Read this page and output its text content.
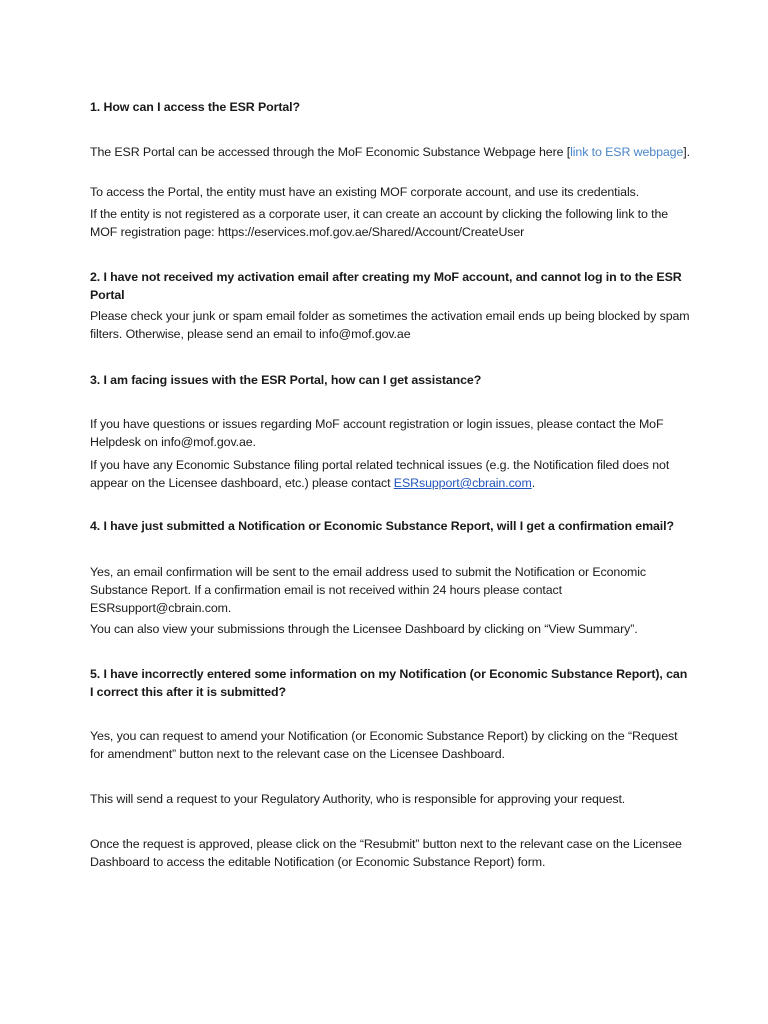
1. How can I access the ESR Portal?
The ESR Portal can be accessed through the MoF Economic Substance Webpage here [link to ESR webpage].
To access the Portal, the entity must have an existing MOF corporate account, and use its credentials.
If the entity is not registered as a corporate user, it can create an account by clicking the following link to the MOF registration page: https://eservices.mof.gov.ae/Shared/Account/CreateUser
2. I have not received my activation email after creating my MoF account, and cannot log in to the ESR Portal
Please check your junk or spam email folder as sometimes the activation email ends up being blocked by spam filters. Otherwise, please send an email to info@mof.gov.ae
3. I am facing issues with the ESR Portal, how can I get assistance?
If you have questions or issues regarding MoF account registration or login issues, please contact the MoF Helpdesk on info@mof.gov.ae.
If you have any Economic Substance filing portal related technical issues (e.g. the Notification filed does not appear on the Licensee dashboard, etc.) please contact ESRsupport@cbrain.com.
4. I have just submitted a Notification or Economic Substance Report, will I get a confirmation email?
Yes, an email confirmation will be sent to the email address used to submit the Notification or Economic Substance Report. If a confirmation email is not received within 24 hours please contact ESRsupport@cbrain.com.
You can also view your submissions through the Licensee Dashboard by clicking on “View Summary”.
5. I have incorrectly entered some information on my Notification (or Economic Substance Report), can I correct this after it is submitted?
Yes, you can request to amend your Notification (or Economic Substance Report) by clicking on the “Request for amendment” button next to the relevant case on the Licensee Dashboard.
This will send a request to your Regulatory Authority, who is responsible for approving your request.
Once the request is approved, please click on the “Resubmit” button next to the relevant case on the Licensee Dashboard to access the editable Notification (or Economic Substance Report) form.
